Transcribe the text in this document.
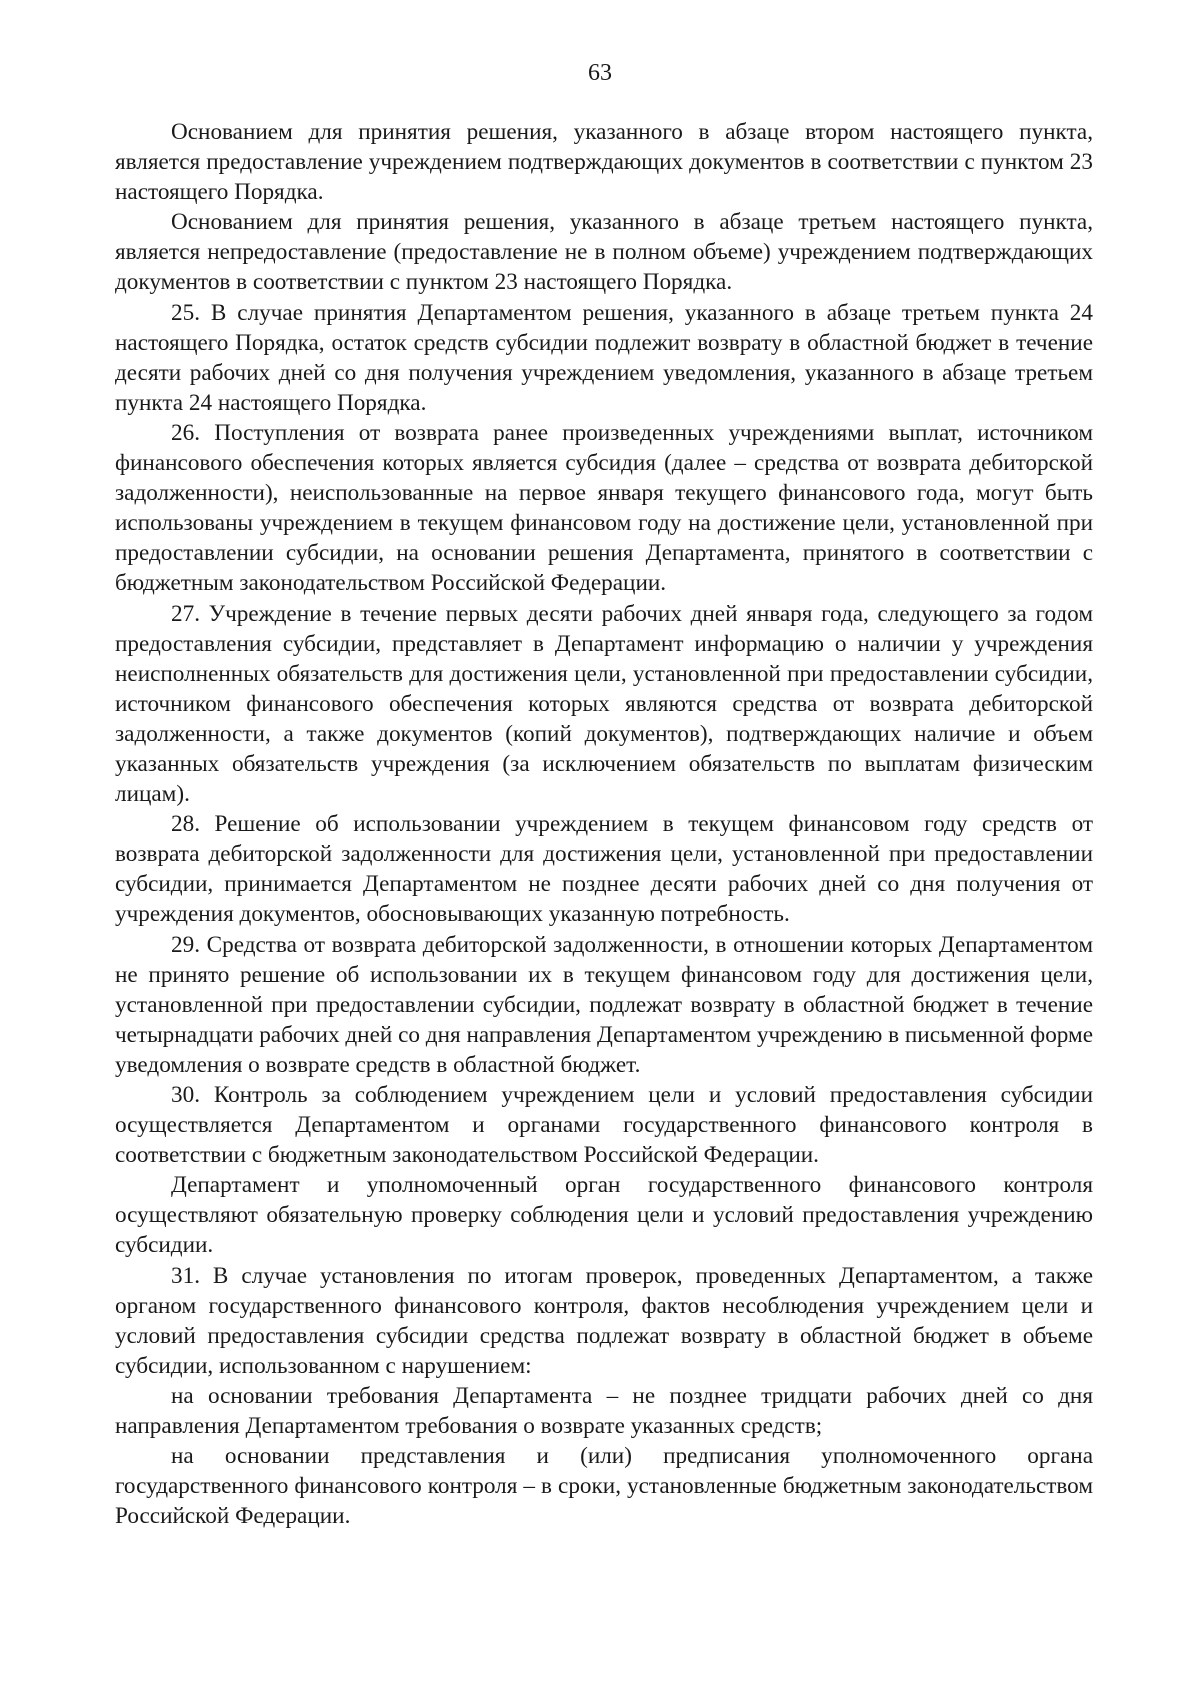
63

Основанием для принятия решения, указанного в абзаце втором настоящего пункта, является предоставление учреждением подтверждающих документов в соответствии с пунктом 23 настоящего Порядка.

Основанием для принятия решения, указанного в абзаце третьем настоящего пункта, является непредоставление (предоставление не в полном объеме) учреждением подтверждающих документов в соответствии с пунктом 23 настоящего Порядка.

25. В случае принятия Департаментом решения, указанного в абзаце третьем пункта 24 настоящего Порядка, остаток средств субсидии подлежит возврату в областной бюджет в течение десяти рабочих дней со дня получения учреждением уведомления, указанного в абзаце третьем пункта 24 настоящего Порядка.

26. Поступления от возврата ранее произведенных учреждениями выплат, источником финансового обеспечения которых является субсидия (далее – средства от возврата дебиторской задолженности), неиспользованные на первое января текущего финансового года, могут быть использованы учреждением в текущем финансовом году на достижение цели, установленной при предоставлении субсидии, на основании решения Департамента, принятого в соответствии с бюджетным законодательством Российской Федерации.

27. Учреждение в течение первых десяти рабочих дней января года, следующего за годом предоставления субсидии, представляет в Департамент информацию о наличии у учреждения неисполненных обязательств для достижения цели, установленной при предоставлении субсидии, источником финансового обеспечения которых являются средства от возврата дебиторской задолженности, а также документов (копий документов), подтверждающих наличие и объем указанных обязательств учреждения (за исключением обязательств по выплатам физическим лицам).

28. Решение об использовании учреждением в текущем финансовом году средств от возврата дебиторской задолженности для достижения цели, установленной при предоставлении субсидии, принимается Департаментом не позднее десяти рабочих дней со дня получения от учреждения документов, обосновывающих указанную потребность.

29. Средства от возврата дебиторской задолженности, в отношении которых Департаментом не принято решение об использовании их в текущем финансовом году для достижения цели, установленной при предоставлении субсидии, подлежат возврату в областной бюджет в течение четырнадцати рабочих дней со дня направления Департаментом учреждению в письменной форме уведомления о возврате средств в областной бюджет.

30. Контроль за соблюдением учреждением цели и условий предоставления субсидии осуществляется Департаментом и органами государственного финансового контроля в соответствии с бюджетным законодательством Российской Федерации.

Департамент и уполномоченный орган государственного финансового контроля осуществляют обязательную проверку соблюдения цели и условий предоставления учреждению субсидии.

31. В случае установления по итогам проверок, проведенных Департаментом, а также органом государственного финансового контроля, фактов несоблюдения учреждением цели и условий предоставления субсидии средства подлежат возврату в областной бюджет в объеме субсидии, использованном с нарушением:

на основании требования Департамента – не позднее тридцати рабочих дней со дня направления Департаментом требования о возврате указанных средств;

на основании представления и (или) предписания уполномоченного органа государственного финансового контроля – в сроки, установленные бюджетным законодательством Российской Федерации.
